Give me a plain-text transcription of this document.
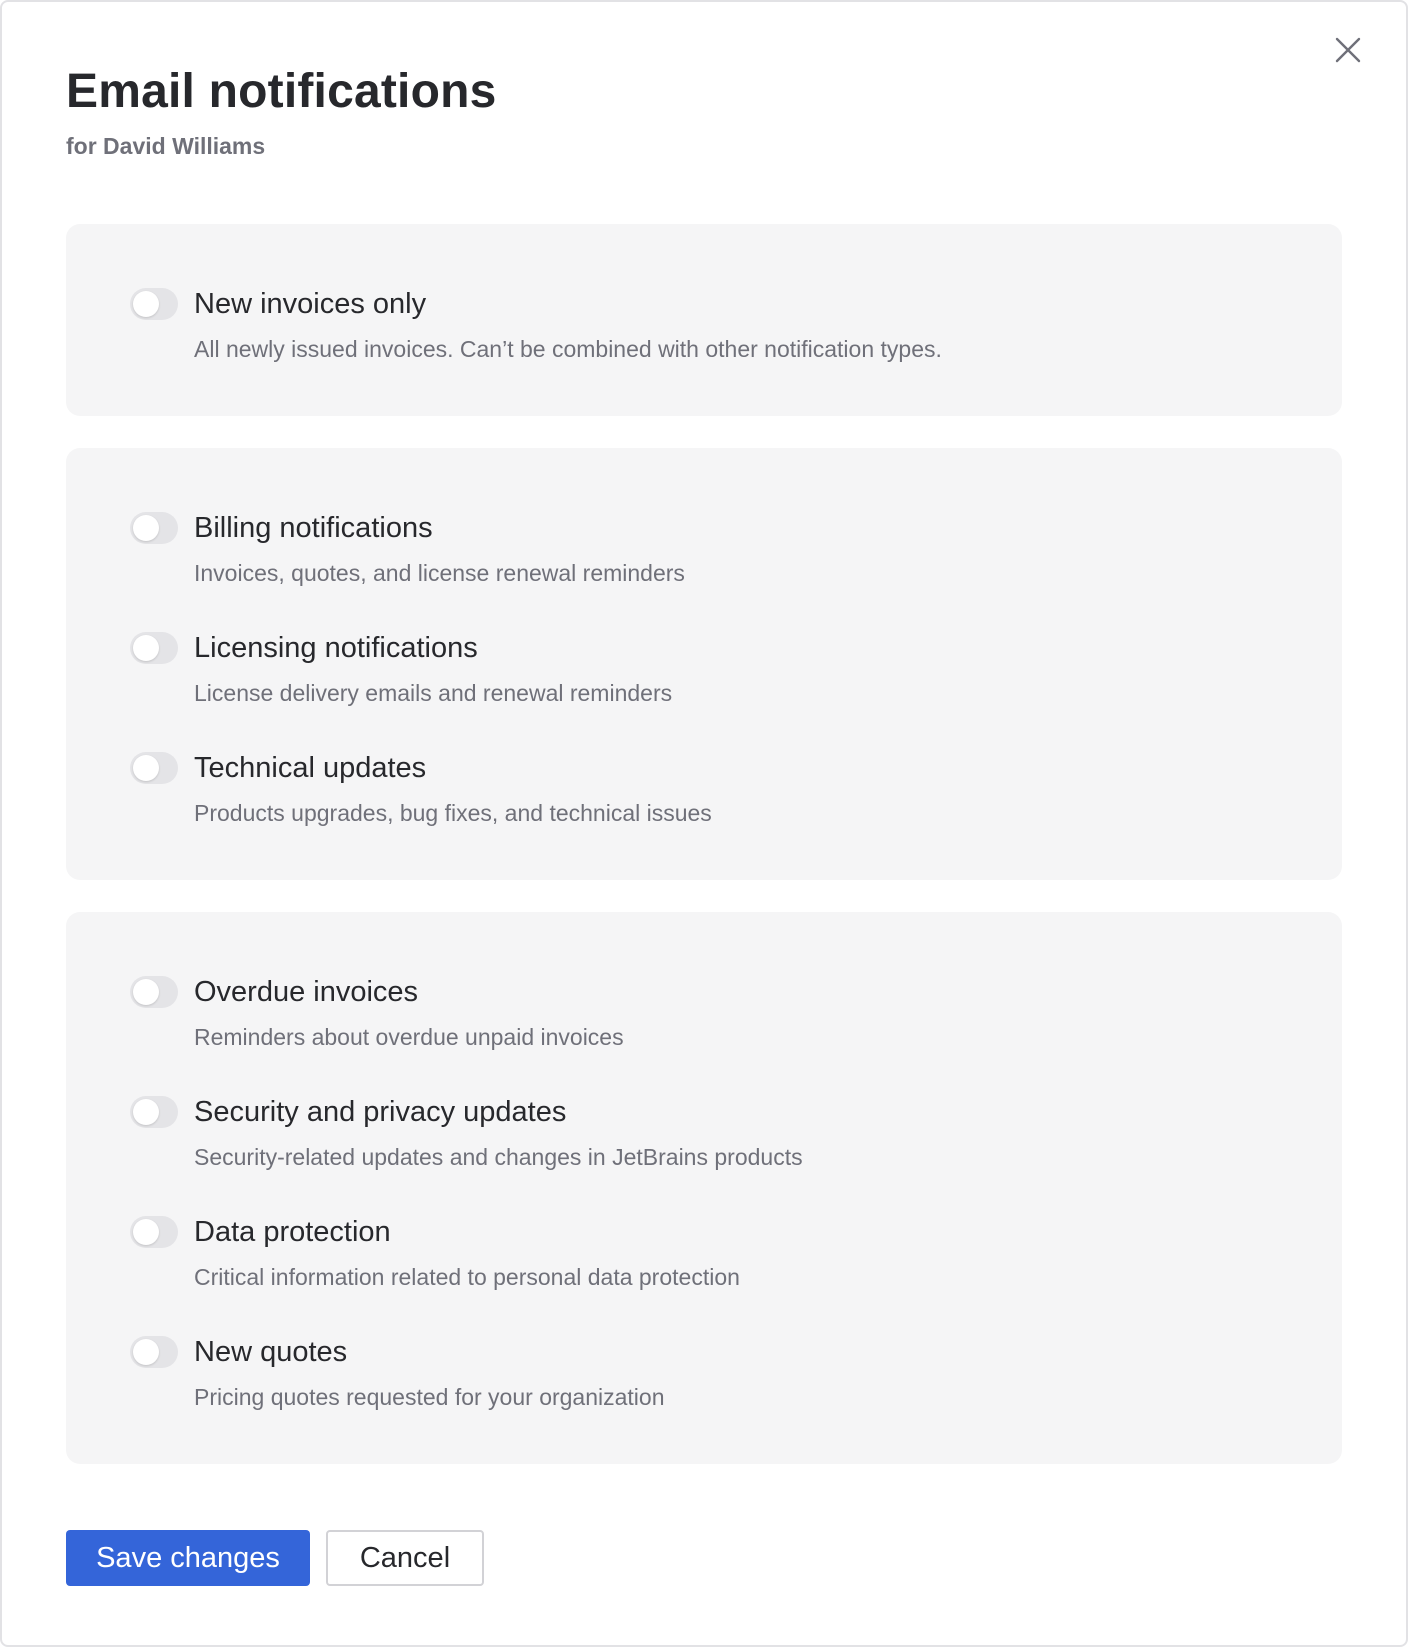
Email notifications
for David Williams
New invoices only
All newly issued invoices. Can’t be combined with other notification types.
Billing notifications
Invoices, quotes, and license renewal reminders
Licensing notifications
License delivery emails and renewal reminders
Technical updates
Products upgrades, bug fixes, and technical issues
Overdue invoices
Reminders about overdue unpaid invoices
Security and privacy updates
Security-related updates and changes in JetBrains products
Data protection
Critical information related to personal data protection
New quotes
Pricing quotes requested for your organization
Save changes	Cancel
